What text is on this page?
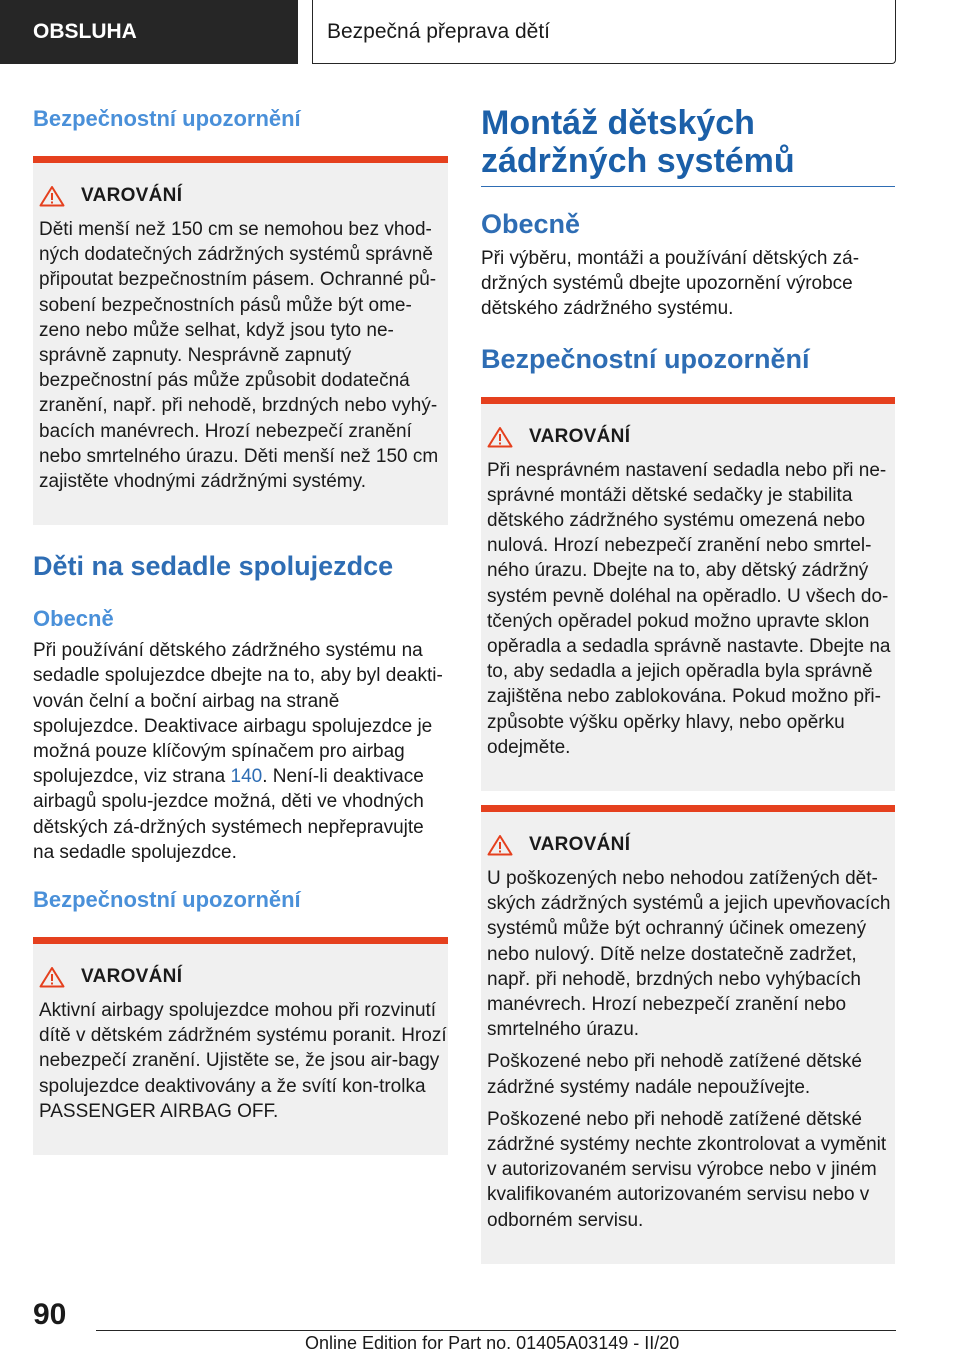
OBSLUHA	Bezpečná přeprava dětí
Bezpečnostní upozornění
VAROVÁNÍ

Děti menší než 150 cm se nemohou bez vhod-ných dodatečných zádržných systémů správně připoutat bezpečnostním pásem. Ochranné pů-sobení bezpečnostních pásů může být ome-zeno nebo může selhat, když jsou tyto ne-správně zapnuty. Nesprávně zapnutý bezpečnostní pás může způsobit dodatečná zranění, např. při nehodě, brzdných nebo vyhý-bacích manévrech. Hrozí nebezpečí zranění nebo smrtelného úrazu. Děti menší než 150 cm zajistěte vhodnými zádržnými systémy.

Děti na sedadle spolujezdce
Obecně

Při používání dětského zádržného systému na sedadle spolujezdce dbejte na to, aby byl deakti-vován čelní a boční airbag na straně spolujezdce. Deaktivace airbagu spolujezdce je možná pouze klíčovým spínačem pro airbag spolujezdce, viz strana 140. Není-li deaktivace airbagů spolu-jezdce možná, děti ve vhodných dětských zá-držných systémech nepřepravujte na sedadle spolujezdce.

Bezpečnostní upozornění
VAROVÁNÍ

Aktivní airbagy spolujezdce mohou při rozvinutí dítě v dětském zádržném systému poranit. Hrozí nebezpečí zranění. Ujistěte se, že jsou air-bagy spolujezdce deaktivovány a že svítí kon-trolka PASSENGER AIRBAG OFF.

Montáž dětských zádržných systémů
Obecně

Při výběru, montáži a používání dětských zá-držných systémů dbejte upozornění výrobce dětského zádržného systému.

Bezpečnostní upozornění
VAROVÁNÍ

Při nesprávném nastavení sedadla nebo při ne-správné montáži dětské sedačky je stabilita dětského zádržného systému omezená nebo nulová. Hrozí nebezpečí zranění nebo smrtel-ného úrazu. Dbejte na to, aby dětský zádržný systém pevně doléhal na opěradlo. U všech do-tčených opěradel pokud možno upravte sklon opěradla a sedadla správně nastavte. Dbejte na to, aby sedadla a jejich opěradla byla správně zajištěna nebo zablokována. Pokud možno při-způsobte výšku opěrky hlavy, nebo opěrku odejměte.

VAROVÁNÍ

U poškozených nebo nehodou zatížených dět-ských zádržných systémů a jejich upevňovacích systémů může být ochranný účinek omezený nebo nulový. Dítě nelze dostatečně zadržet, např. při nehodě, brzdných nebo vyhýbacích manévrech. Hrozí nebezpečí zranění nebo smrtelného úrazu.

Poškozené nebo při nehodě zatížené dětské zádržné systémy nadále nepoužívejte.

Poškozené nebo při nehodě zatížené dětské zádržné systémy nechte zkontrolovat a vyměnit v autorizovaném servisu výrobce nebo v jiném kvalifikovaném autorizovaném servisu nebo v odborném servisu.

90
Online Edition for Part no. 01405A03149 - II/20
